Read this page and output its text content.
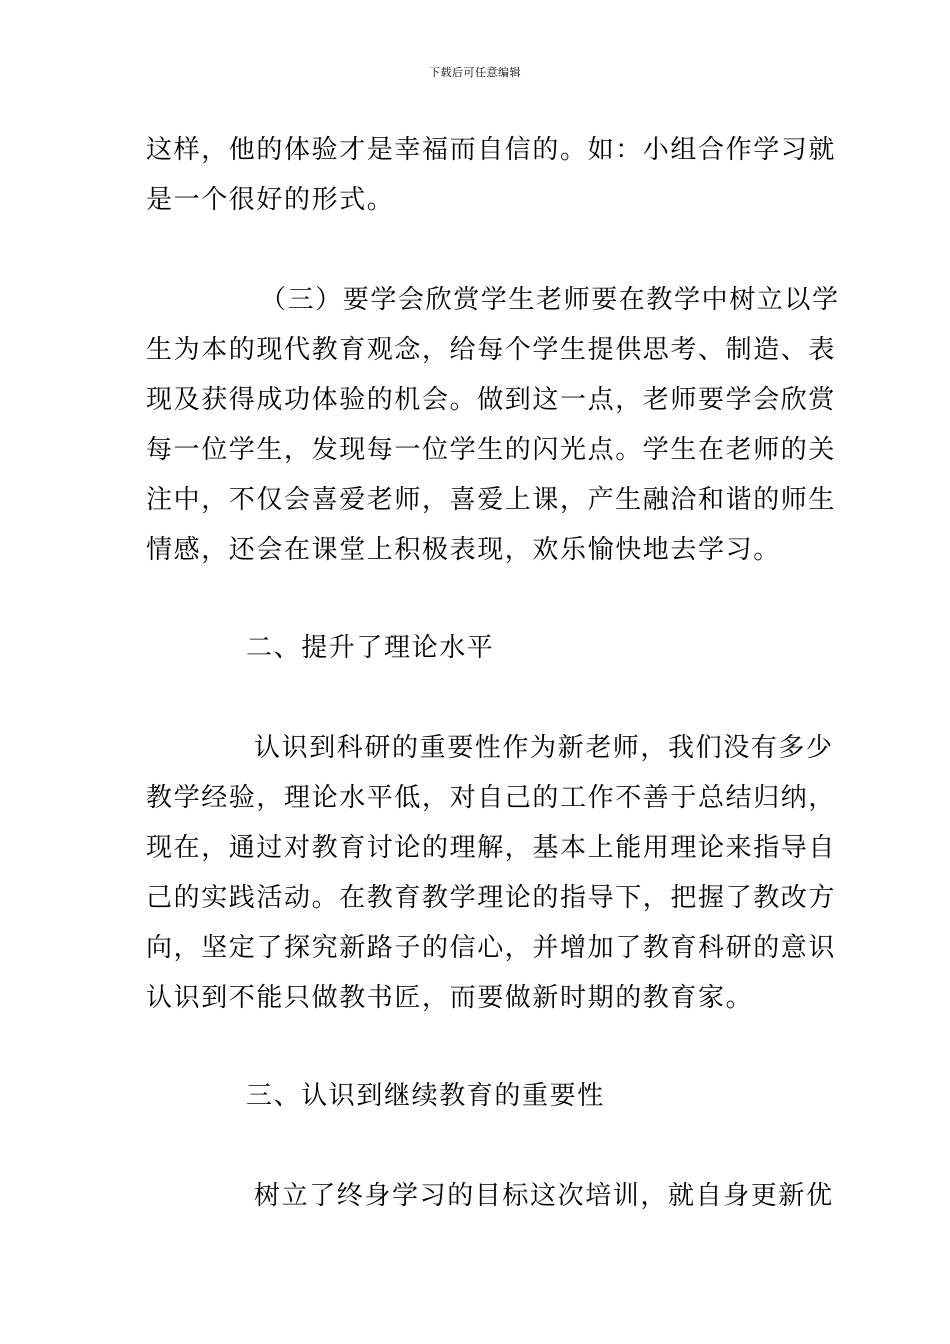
下载后可任意编辑
这样，他的体验才是幸福而自信的。如：小组合作学习就
是一个很好的形式。
（三）要学会欣赏学生老师要在教学中树立以学
生为本的现代教育观念，给每个学生提供思考、制造、表
现及获得成功体验的机会。做到这一点，老师要学会欣赏
每一位学生，发现每一位学生的闪光点。学生在老师的关
注中，不仅会喜爱老师，喜爱上课，产生融洽和谐的师生
情感，还会在课堂上积极表现，欢乐愉快地去学习。
二、提升了理论水平
认识到科研的重要性作为新老师，我们没有多少
教学经验，理论水平低，对自己的工作不善于总结归纳，
现在，通过对教育讨论的理解，基本上能用理论来指导自
己的实践活动。在教育教学理论的指导下，把握了教改方
向，坚定了探究新路子的信心，并增加了教育科研的意识
认识到不能只做教书匠，而要做新时期的教育家。
三、认识到继续教育的重要性
树立了终身学习的目标这次培训，就自身更新优
